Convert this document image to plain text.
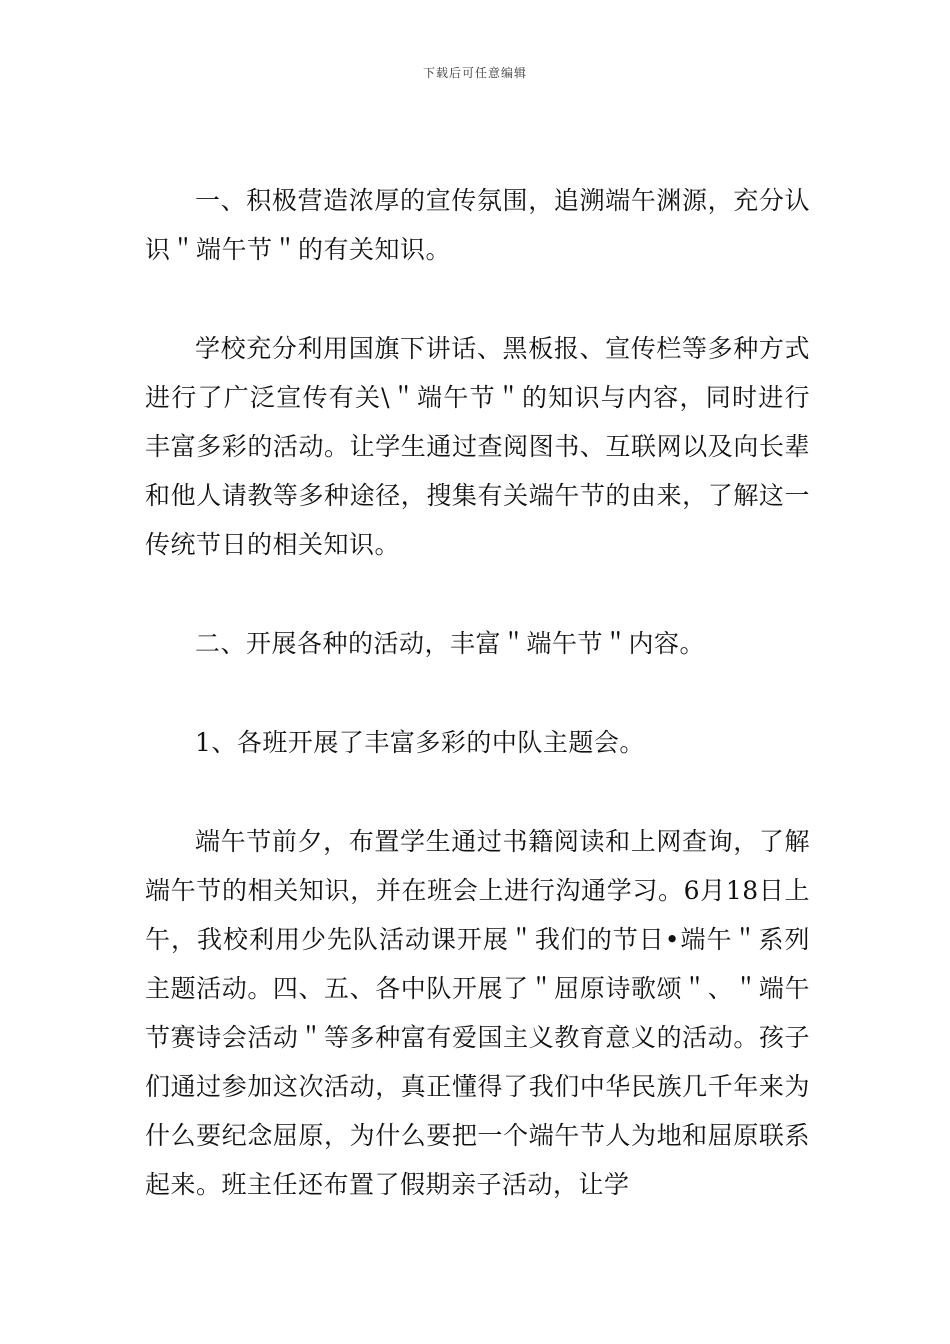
下载后可任意编辑

一、积极营造浓厚的宣传氛围，追溯端午渊源，充分认识＂端午节＂的有关知识。

学校充分利用国旗下讲话、黑板报、宣传栏等多种方式进行了广泛宣传有关\＂端午节＂的知识与内容，同时进行丰富多彩的活动。让学生通过查阅图书、互联网以及向长辈和他人请教等多种途径，搜集有关端午节的由来，了解这一传统节日的相关知识。

二、开展各种的活动，丰富＂端午节＂内容。

1、各班开展了丰富多彩的中队主题会。

端午节前夕，布置学生通过书籍阅读和上网查询，了解端午节的相关知识，并在班会上进行沟通学习。6月18日上午，我校利用少先队活动课开展＂我们的节日•端午＂系列主题活动。四、五、各中队开展了＂屈原诗歌颂＂、＂端午节赛诗会活动＂等多种富有爱国主义教育意义的活动。孩子们通过参加这次活动，真正懂得了我们中华民族几千年来为什么要纪念屈原，为什么要把一个端午节人为地和屈原联系起来。班主任还布置了假期亲子活动，让学
